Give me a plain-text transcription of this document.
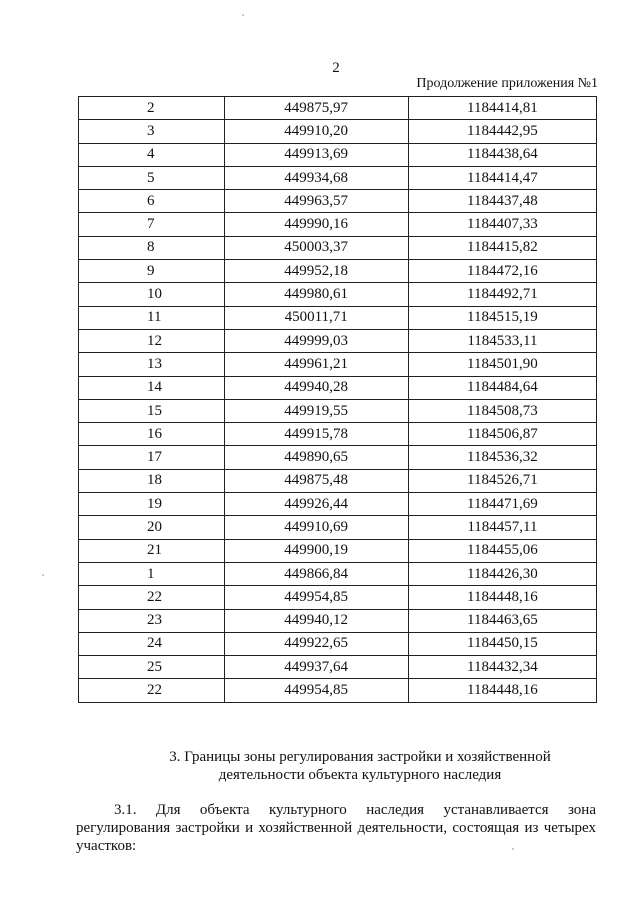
2
Продолжение приложения №1
2	449875,97	1184414,81
3	449910,20	1184442,95
4	449913,69	1184438,64
5	449934,68	1184414,47
6	449963,57	1184437,48
7	449990,16	1184407,33
8	450003,37	1184415,82
9	449952,18	1184472,16
10	449980,61	1184492,71
11	450011,71	1184515,19
12	449999,03	1184533,11
13	449961,21	1184501,90
14	449940,28	1184484,64
15	449919,55	1184508,73
16	449915,78	1184506,87
17	449890,65	1184536,32
18	449875,48	1184526,71
19	449926,44	1184471,69
20	449910,69	1184457,11
21	449900,19	1184455,06
1	449866,84	1184426,30
22	449954,85	1184448,16
23	449940,12	1184463,65
24	449922,65	1184450,15
25	449937,64	1184432,34
22	449954,85	1184448,16
3. Границы зоны регулирования застройки и хозяйственной
деятельности объекта культурного наследия
3.1. Для объекта культурного наследия устанавливается зона регулирования застройки и хозяйственной деятельности, состоящая из четырех участков:
